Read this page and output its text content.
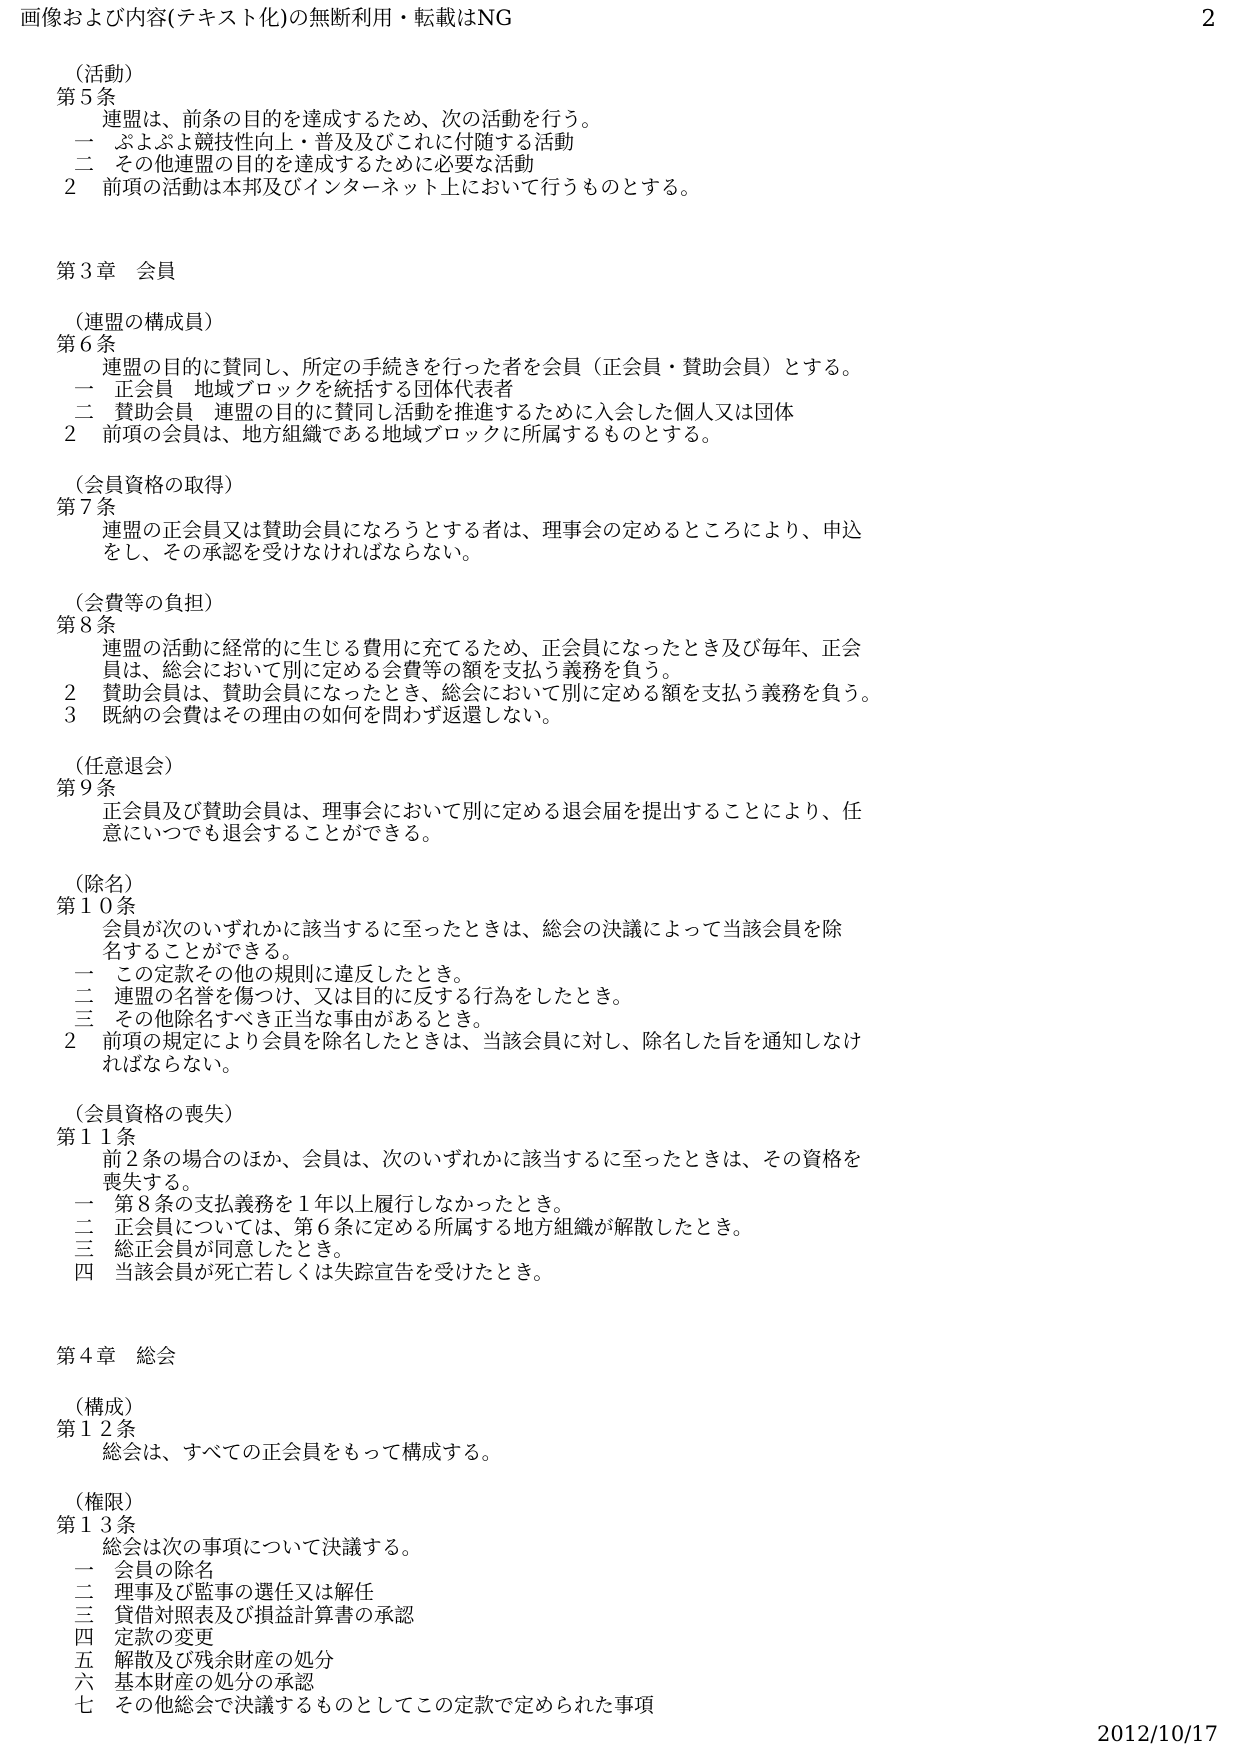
画像および内容(テキスト化)の無断利用・転載はNG	2
（活動）
第５条
連盟は、前条の目的を達成するため、次の活動を行う。
一 ぷよぷよ競技性向上・普及及びこれに付随する活動
二 その他連盟の目的を達成するために必要な活動
２ 前項の活動は本邦及びインターネット上において行うものとする。
第３章　会員
（連盟の構成員）
第６条
連盟の目的に賛同し、所定の手続きを行った者を会員（正会員・賛助会員）とする。
一 正会員　地域ブロックを統括する団体代表者
二 賛助会員　連盟の目的に賛同し活動を推進するために入会した個人又は団体
２ 前項の会員は、地方組織である地域ブロックに所属するものとする。
（会員資格の取得）
第７条
連盟の正会員又は賛助会員になろうとする者は、理事会の定めるところにより、申込
をし、その承認を受けなければならない。
（会費等の負担）
第８条
連盟の活動に経常的に生じる費用に充てるため、正会員になったとき及び毎年、正会
員は、総会において別に定める会費等の額を支払う義務を負う。
２ 賛助会員は、賛助会員になったとき、総会において別に定める額を支払う義務を負う。
３ 既納の会費はその理由の如何を問わず返還しない。
（任意退会）
第９条
正会員及び賛助会員は、理事会において別に定める退会届を提出することにより、任
意にいつでも退会することができる。
（除名）
第１０条
会員が次のいずれかに該当するに至ったときは、総会の決議によって当該会員を除
名することができる。
一 この定款その他の規則に違反したとき。
二 連盟の名誉を傷つけ、又は目的に反する行為をしたとき。
三 その他除名すべき正当な事由があるとき。
２ 前項の規定により会員を除名したときは、当該会員に対し、除名した旨を通知しなけ
ればならない。
（会員資格の喪失）
第１１条
前２条の場合のほか、会員は、次のいずれかに該当するに至ったときは、その資格を
喪失する。
一 第８条の支払義務を１年以上履行しなかったとき。
二 正会員については、第６条に定める所属する地方組織が解散したとき。
三 総正会員が同意したとき。
四 当該会員が死亡若しくは失踪宣告を受けたとき。
第４章　総会
（構成）
第１２条
総会は、すべての正会員をもって構成する。
（権限）
第１３条
総会は次の事項について決議する。
一 会員の除名
二 理事及び監事の選任又は解任
三 貸借対照表及び損益計算書の承認
四 定款の変更
五 解散及び残余財産の処分
六 基本財産の処分の承認
七 その他総会で決議するものとしてこの定款で定められた事項
2012/10/17
